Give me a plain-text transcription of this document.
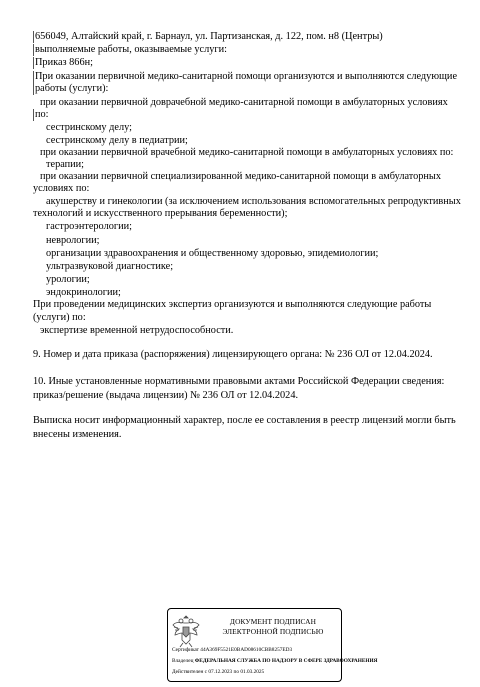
656049, Алтайский край, г. Барнаул, ул. Партизанская, д. 122, пом. н8 (Центры)
выполняемые работы, оказываемые услуги:
Приказ 866н;
При оказании первичной медико-санитарной помощи организуются и выполняются следующие
работы (услуги):
при оказании первичной доврачебной медико-санитарной помощи в амбулаторных условиях
по:
сестринскому делу;
сестринскому делу в педиатрии;
при оказании первичной врачебной медико-санитарной помощи в амбулаторных условиях по:
терапии;
при оказании первичной специализированной медико-санитарной помощи в амбулаторных
условиях по:
акушерству и гинекологии (за исключением использования вспомогательных репродуктивных
технологий и искусственного прерывания беременности);
гастроэнтерологии;
неврологии;
организации здравоохранения и общественному здоровью, эпидемиологии;
ультразвуковой диагностике;
урологии;
эндокринологии;
При проведении медицинских экспертиз организуются и выполняются следующие работы
(услуги) по:
экспертизе временной нетрудоспособности.
9. Номер и дата приказа (распоряжения) лицензирующего органа: № 236 ОЛ от 12.04.2024.
10. Иные установленные нормативными правовыми актами Российской Федерации сведения: приказ/решение (выдача лицензии) № 236 ОЛ от 12.04.2024.
Выписка носит информационный характер, после ее составления в реестр лицензий могли быть внесены изменения.
ДОКУМЕНТ ПОДПИСАН
ЭЛЕКТРОННОЙ ПОДПИСЬЮ
Сертификат 44A369F5521E0BAD08610CBB8257ED3
Владелец ФЕДЕРАЛЬНАЯ СЛУЖБА ПО НАДЗОРУ В СФЕРЕ ЗДРАВООХРАНЕНИЯ
Действителен с 07.12.2023 по 01.03.2025
